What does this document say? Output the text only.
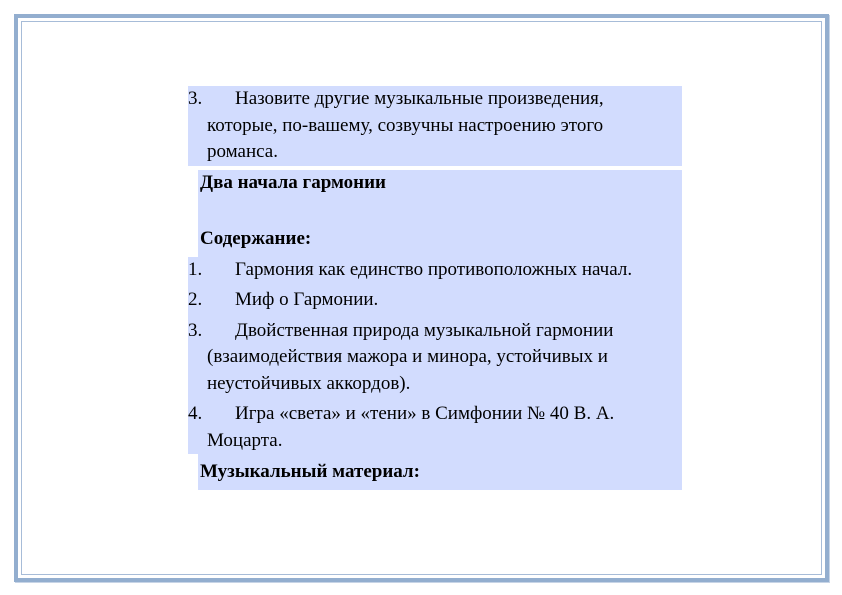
3.	Назовите другие музыкальные произведения, которые, по-вашему, созвучны настроению этого романса.
Два начала гармонии
Содержание:
1.	Гармония как единство противоположных начал.
2.	Миф о Гармонии.
3.	Двойственная природа музыкальной гармонии (взаимодействия мажора и минора, устойчивых и неустойчивых аккордов).
4.	Игра «света» и «тени» в Симфонии № 40 В. А. Моцарта.
Музыкальный материал:
